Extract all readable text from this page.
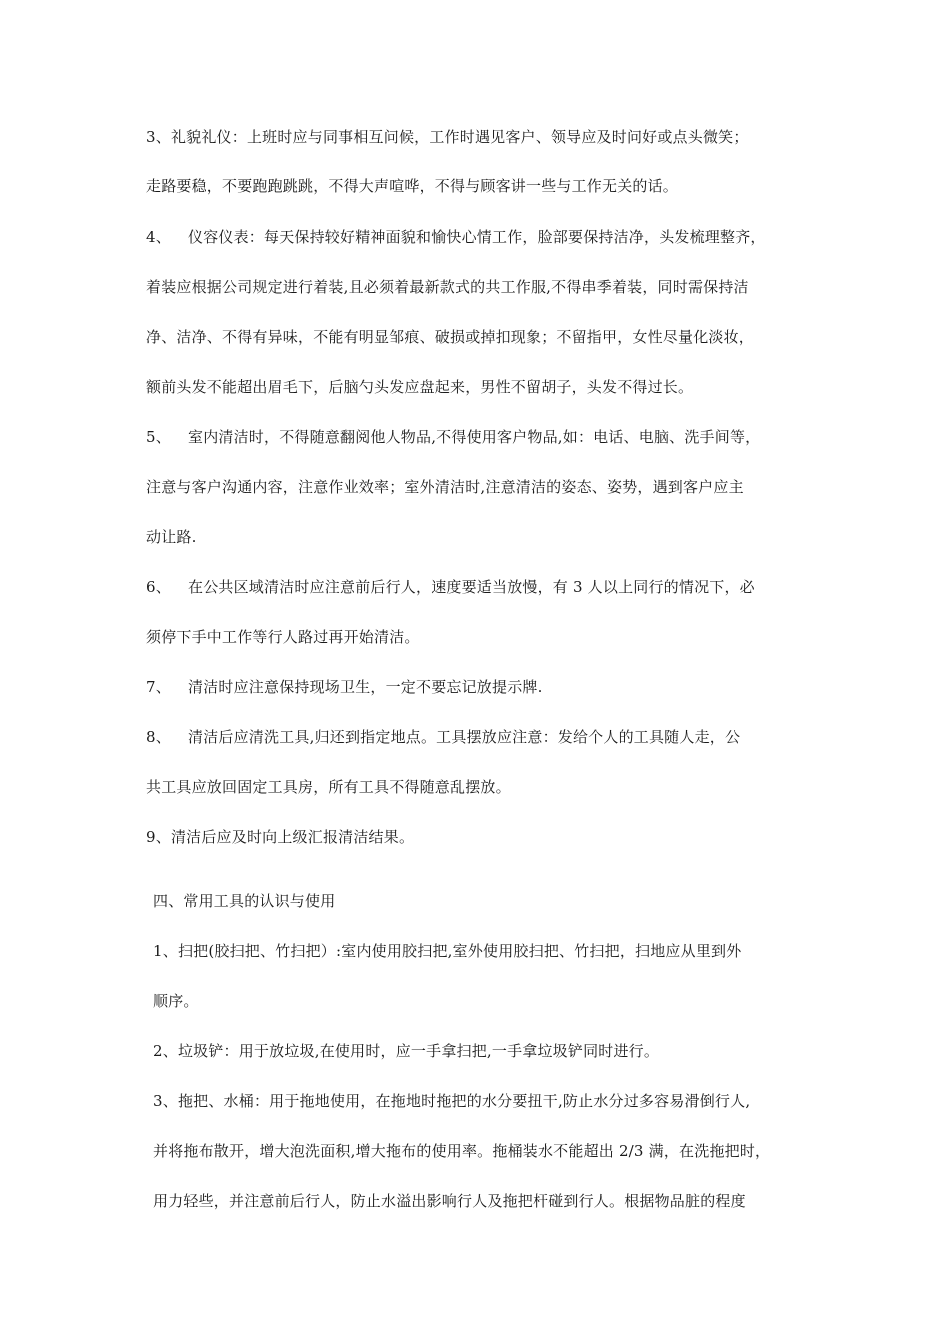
3、礼貌礼仪：上班时应与同事相互问候，工作时遇见客户、领导应及时问好或点头微笑；
走路要稳，不要跑跑跳跳，不得大声喧哗，不得与顾客讲一些与工作无关的话。
4、 仪容仪表：每天保持较好精神面貌和愉快心情工作，脸部要保持洁净，头发梳理整齐，
着装应根据公司规定进行着装,且必须着最新款式的共工作服,不得串季着装，同时需保持洁
净、洁净、不得有异味，不能有明显邹痕、破损或掉扣现象；不留指甲，女性尽量化淡妆，
额前头发不能超出眉毛下，后脑勺头发应盘起来，男性不留胡子，头发不得过长。
5、 室内清洁时，不得随意翻阅他人物品,不得使用客户物品,如：电话、电脑、洗手间等，
注意与客户沟通内容，注意作业效率；室外清洁时,注意清洁的姿态、姿势，遇到客户应主
动让路.
6、 在公共区域清洁时应注意前后行人，速度要适当放慢，有 3 人以上同行的情况下，必
须停下手中工作等行人路过再开始清洁。
7、 清洁时应注意保持现场卫生，一定不要忘记放提示牌.
8、 清洁后应清洗工具,归还到指定地点。工具摆放应注意：发给个人的工具随人走，公
共工具应放回固定工具房，所有工具不得随意乱摆放。
9、清洁后应及时向上级汇报清洁结果。
四、常用工具的认识与使用
1、扫把(胶扫把、竹扫把）:室内使用胶扫把,室外使用胶扫把、竹扫把，扫地应从里到外
顺序。
2、垃圾铲：用于放垃圾,在使用时，应一手拿扫把,一手拿垃圾铲同时进行。
3、拖把、水桶：用于拖地使用，在拖地时拖把的水分要扭干,防止水分过多容易滑倒行人,
并将拖布散开，增大泡洗面积,增大拖布的使用率。拖桶装水不能超出 2/3 满，在洗拖把时，
用力轻些，并注意前后行人，防止水溢出影响行人及拖把杆碰到行人。根据物品脏的程度
